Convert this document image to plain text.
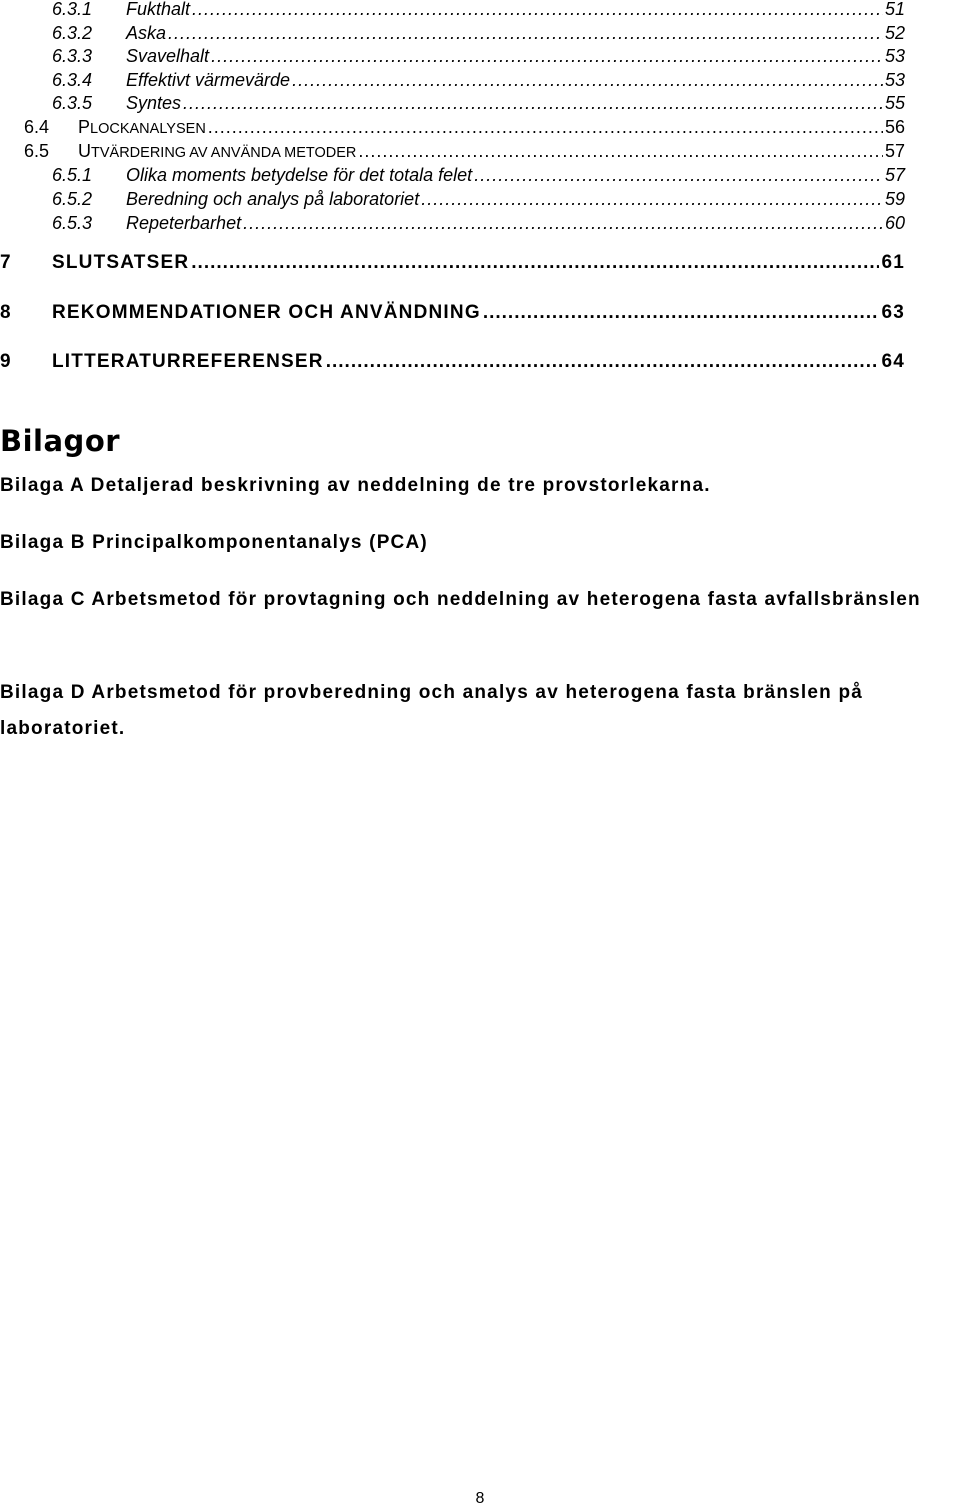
6.3.1	Fukthalt .....	51
6.3.2	Aska .....	52
6.3.3	Svavelhalt .....	53
6.3.4	Effektivt värmevärde .....	53
6.3.5	Syntes .....	55
6.4	PLOCKANALYSEN .....	56
6.5	UTVÄRDERING AV ANVÄNDA METODER .....	57
6.5.1	Olika moments betydelse för det totala felet .....	57
6.5.2	Beredning och analys på laboratoriet .....	59
6.5.3	Repeterbarhet .....	60
7	SLUTSATSER .....	61
8	REKOMMENDATIONER OCH ANVÄNDNING .....	63
9	LITTERATURREFERENSER .....	64
Bilagor

Bilaga A Detaljerad beskrivning av neddelning de tre provstorlekarna.

Bilaga B Principalkomponentanalys (PCA)

Bilaga C Arbetsmetod för provtagning och neddelning av heterogena fasta avfallsbränslen

Bilaga D Arbetsmetod för provberedning och analys av heterogena fasta bränslen på laboratoriet.

8
